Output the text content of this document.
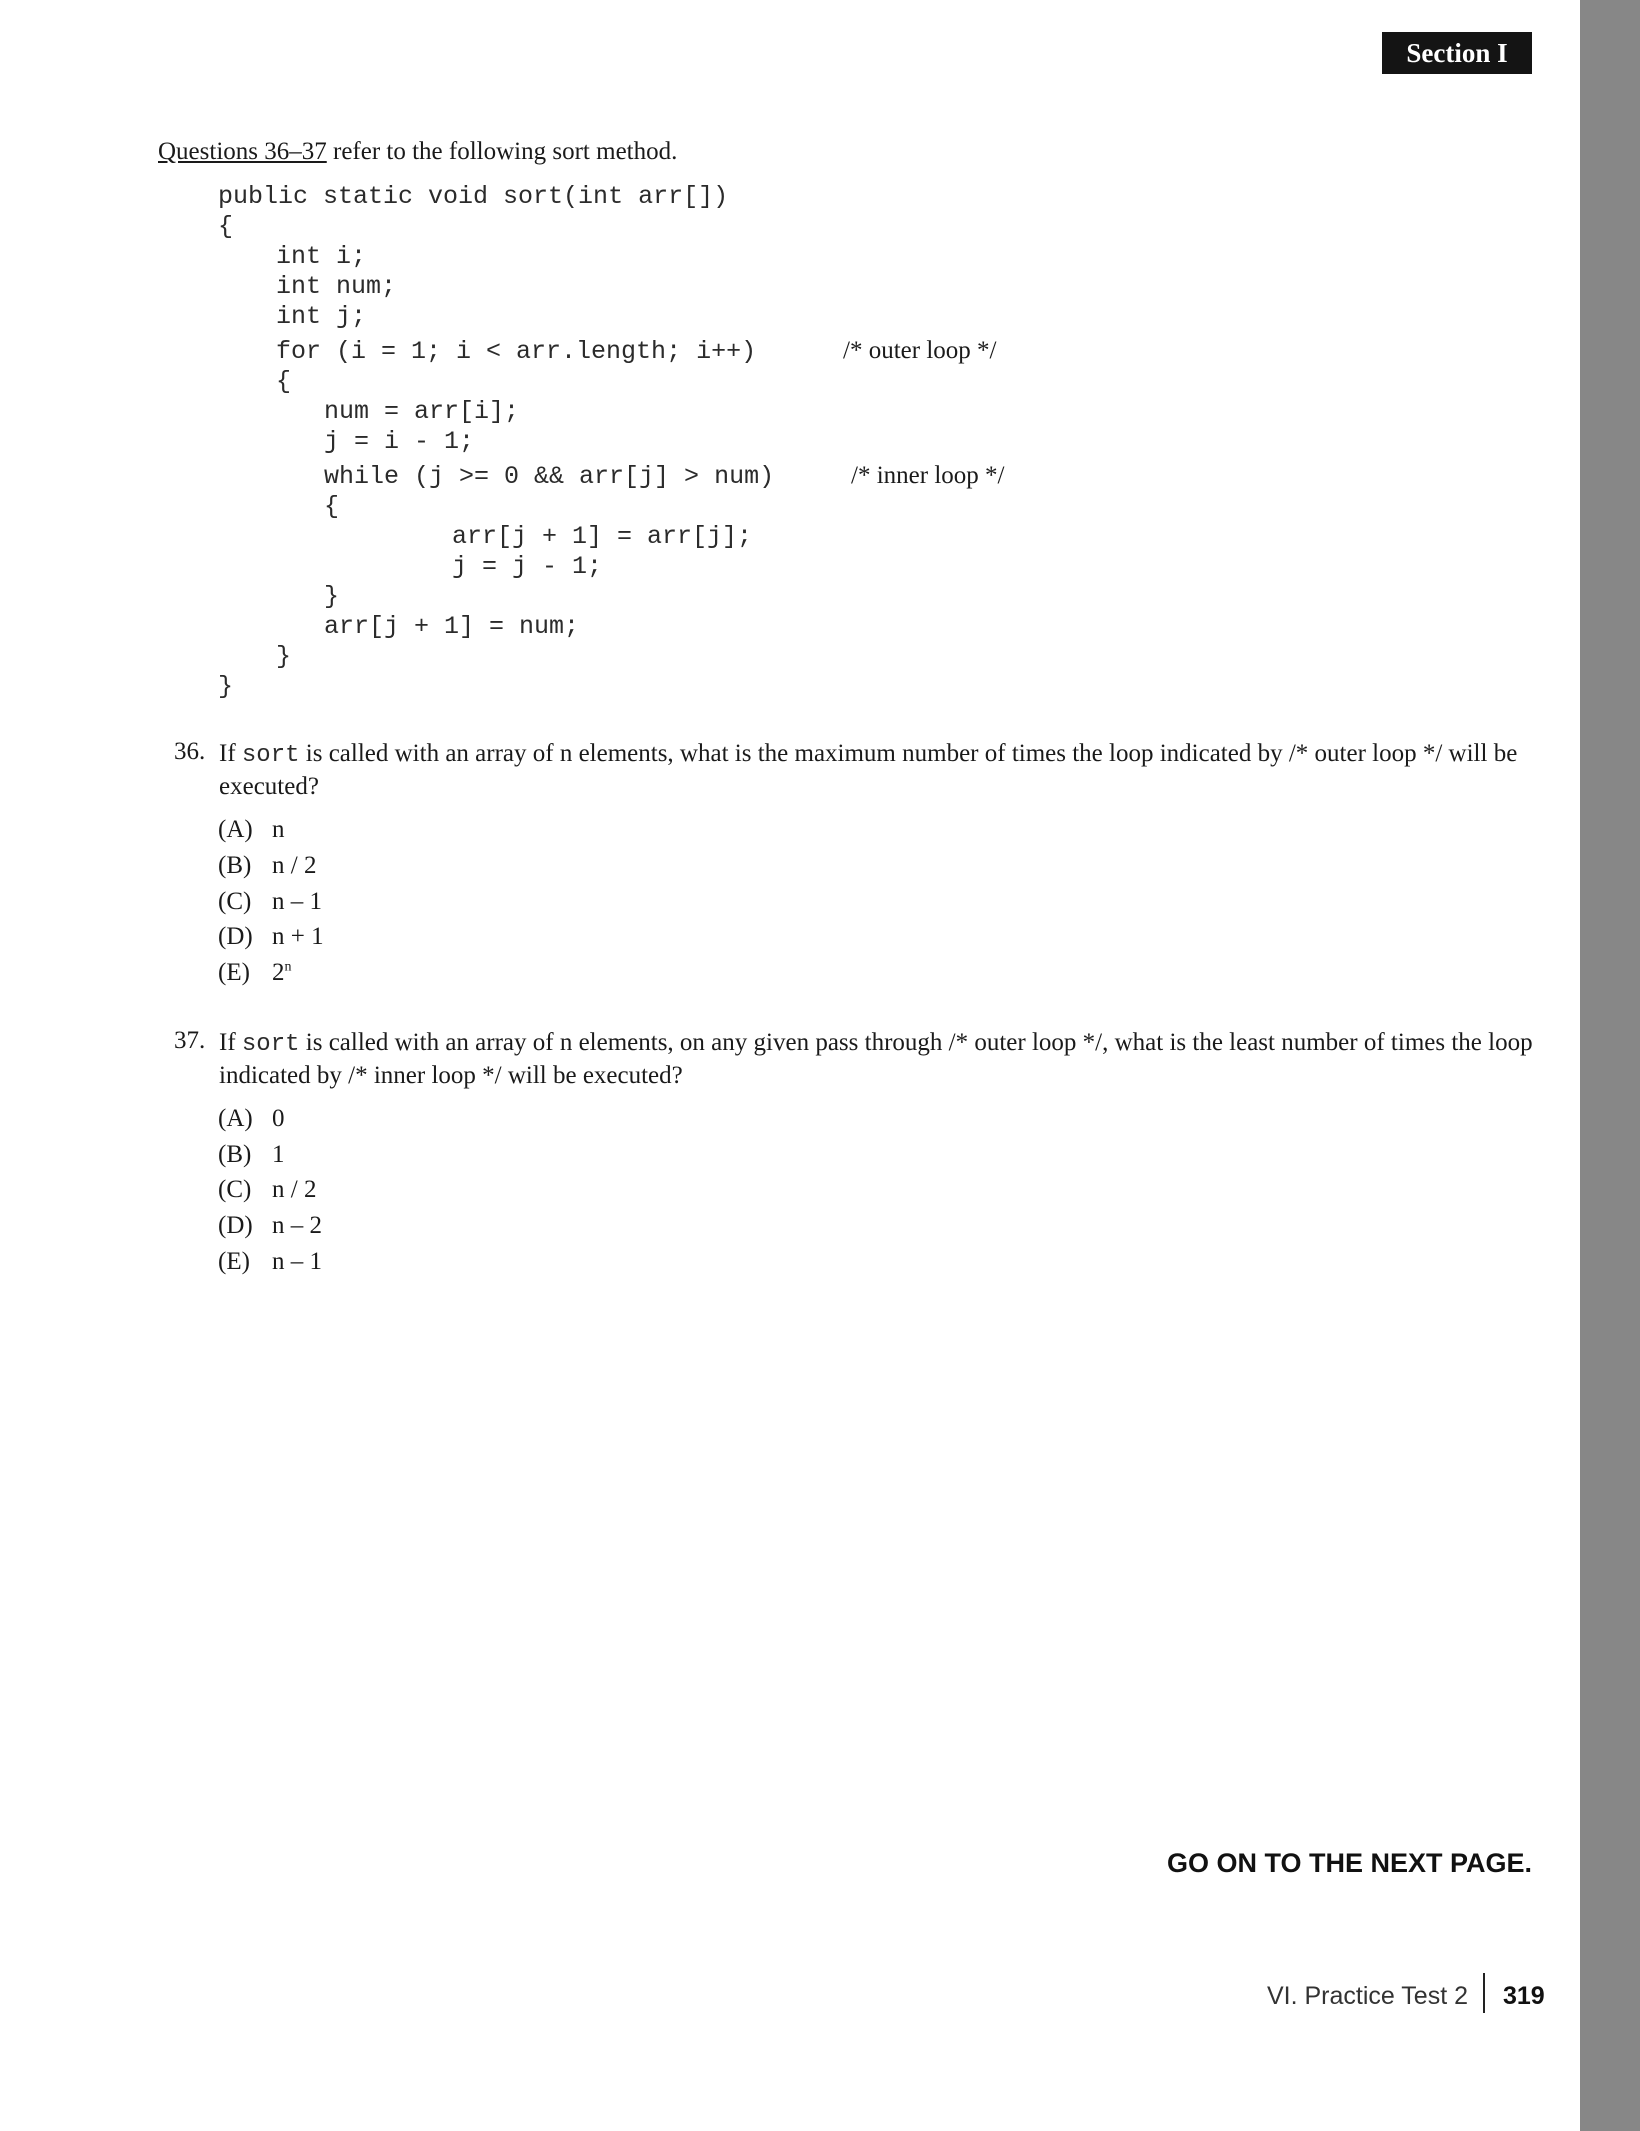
Section I
Questions 36–37 refer to the following sort method.
public static void sort(int arr[])
{
int i;
int num;
int j;
for (i = 1; i < arr.length; i++)
{
num = arr[i];
j = i - 1;
while (j >= 0 && arr[j] > num)
{
arr[j + 1] = arr[j];
j = j - 1;
}
arr[j + 1] = num;
}
}
/* outer loop */
/* inner loop */
36. If sort is called with an array of n elements, what is the maximum number of times the loop indicated by /* outer loop */ will be executed?
(A) n
(B) n / 2
(C) n – 1
(D) n + 1
(E) 2$^n$
37. If sort is called with an array of n elements, on any given pass through /* outer loop */, what is the least number of times the loop indicated by /* inner loop */ will be executed?
(A) 0
(B) 1
(C) n / 2
(D) n – 2
(E) n – 1
GO ON TO THE NEXT PAGE.
VI. Practice Test 2 319
